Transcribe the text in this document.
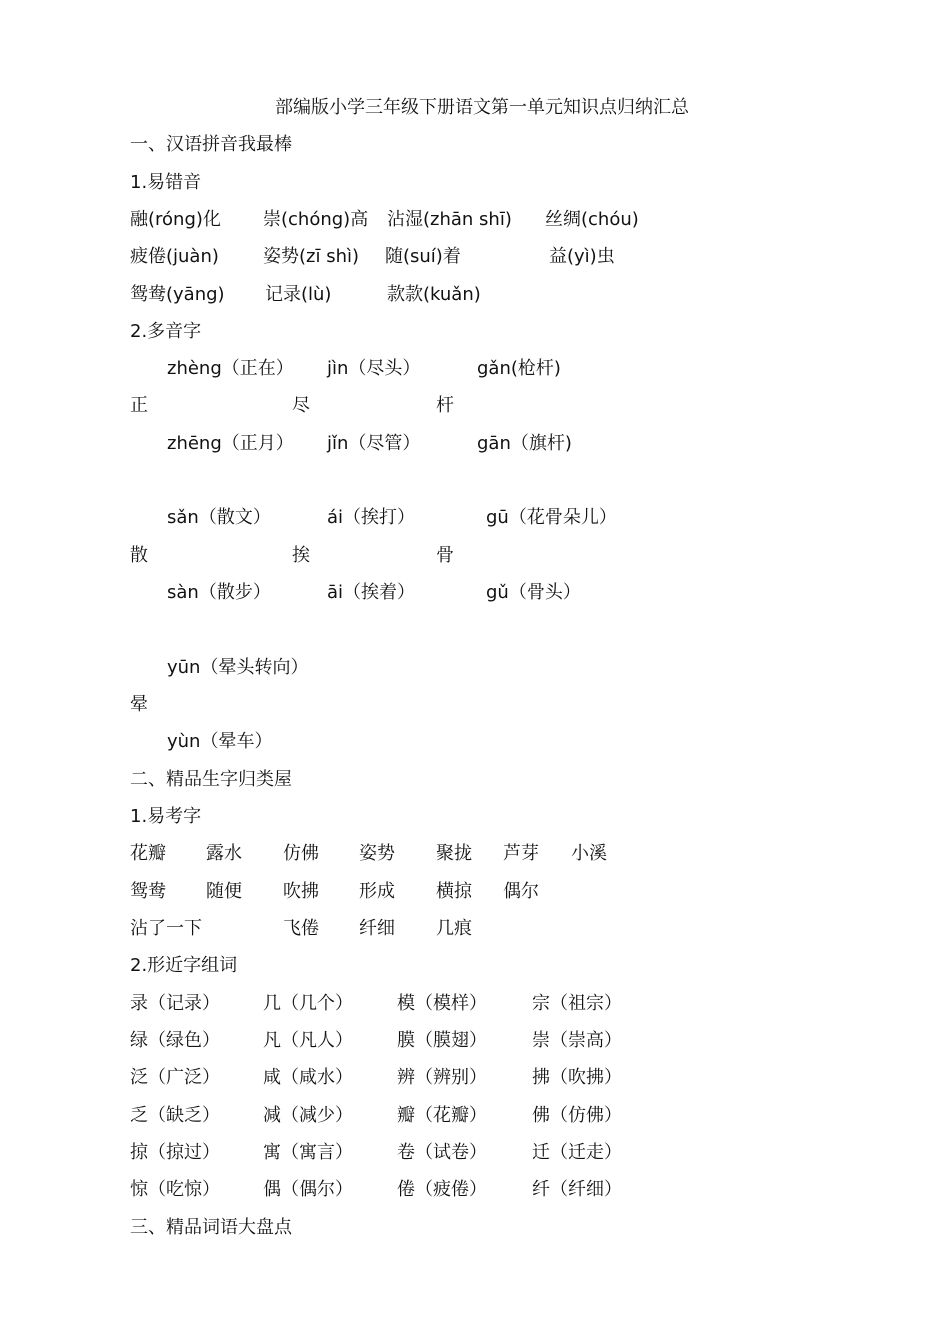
部编版小学三年级下册语文第一单元知识点归纳汇总
一、汉语拼音我最棒
1.易错音
融(róng)化 崇(chóng)高 沾湿(zhān shī) 丝绸(chóu)
疲倦(juàn) 姿势(zī shì) 随(suí)着	益(yì)虫
鸳鸯(yāng) 记录(lù)	款款(kuǎn)
2.多音字
zhèng（正在） jìn（尽头）	gǎn(枪杆)
正	尽	杆
zhēng（正月） jǐn（尽管）	gān（旗杆)
sǎn（散文）	ái（挨打）	gū（花骨朵儿）
散	挨	骨
sàn（散步）	āi（挨着）	gǔ（骨头）
yūn（晕头转向）
晕
yùn（晕车）
二、精品生字归类屋
1.易考字
花瓣 露水 仿佛 姿势 聚拢 芦芽 小溪
鸳鸯 随便 吹拂 形成 横掠 偶尔
沾了一下	飞倦 纤细 几痕
2.形近字组词
录（记录） 几（几个） 模（模样）	宗（祖宗）
绿（绿色） 凡（凡人） 膜（膜翅）	崇（崇高）
泛（广泛） 咸（咸水） 辨（辨别）	拂（吹拂）
乏（缺乏） 减（减少） 瓣（花瓣）	佛（仿佛）
掠（掠过） 寓（寓言） 卷（试卷）	迁（迁走）
惊（吃惊） 偶（偶尔） 倦（疲倦）	纤（纤细）
三、精品词语大盘点
